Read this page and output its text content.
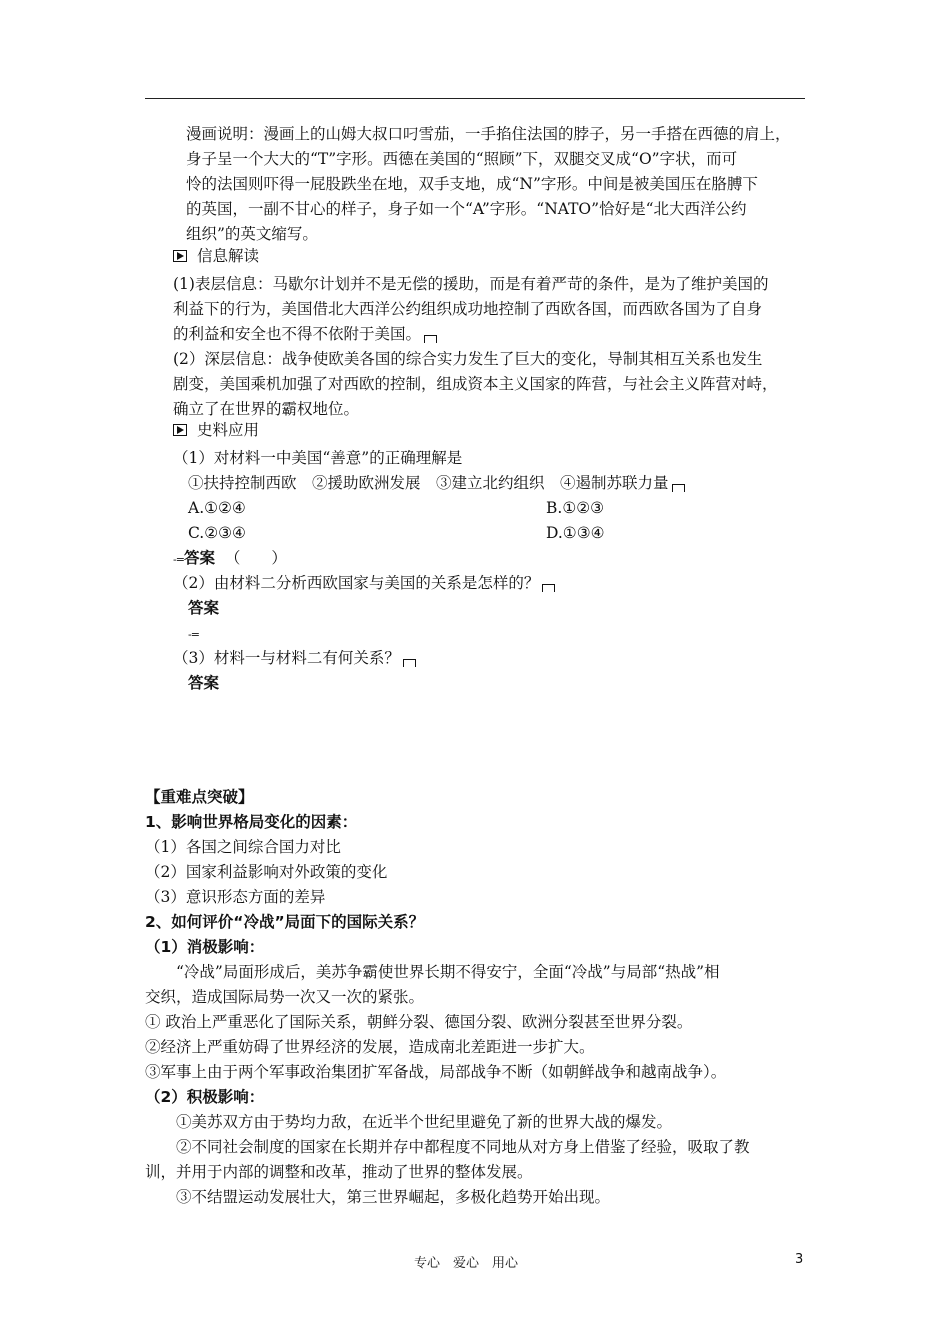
漫画说明：漫画上的山姆大叔口叼雪茄，一手掐住法国的脖子，另一手搭在西德的肩上，
身子呈一个大大的“T”字形。西德在美国的“照顾”下，双腿交叉成“O”字状，而可
怜的法国则吓得一屁股跌坐在地，双手支地，成“N”字形。中间是被美国压在胳膊下
的英国，一副不甘心的样子，身子如一个“A”字形。“NATO”恰好是“北大西洋公约
组织”的英文缩写。
信息解读
(1)表层信息：马歇尔计划并不是无偿的援助，而是有着严苛的条件，是为了维护美国的
利益下的行为，美国借北大西洋公约组织成功地控制了西欧各国，而西欧各国为了自身
的利益和安全也不得不依附于美国。
(2）深层信息：战争使欧美各国的综合实力发生了巨大的变化，导制其相互关系也发生
剧变，美国乘机加强了对西欧的控制，组成资本主义国家的阵营，与社会主义阵营对峙，
确立了在世界的霸权地位。
史料应用
（1）对材料一中美国“善意”的正确理解是
①扶持控制西欧　②援助欧洲发展　③建立北约组织　④遏制苏联力量
A.①②④	B.①②③
C.②③④	D.①③④
-=答案 （　　）
（2）由材料二分析西欧国家与美国的关系是怎样的？
答案
-=
（3）材料一与材料二有何关系？
答案
【重难点突破】
1、影响世界格局变化的因素：
（1）各国之间综合国力对比
（2）国家利益影响对外政策的变化
（3）意识形态方面的差异
2、如何评价“冷战”局面下的国际关系？
（1）消极影响：
“冷战”局面形成后，美苏争霸使世界长期不得安宁，全面“冷战”与局部“热战”相
交织，造成国际局势一次又一次的紧张。
① 政治上严重恶化了国际关系，朝鲜分裂、德国分裂、欧洲分裂甚至世界分裂。
②经济上严重妨碍了世界经济的发展，造成南北差距进一步扩大。
③军事上由于两个军事政治集团扩军备战，局部战争不断（如朝鲜战争和越南战争）。
（2）积极影响：
①美苏双方由于势均力敌，在近半个世纪里避免了新的世界大战的爆发。
②不同社会制度的国家在长期并存中都程度不同地从对方身上借鉴了经验，吸取了教
训，并用于内部的调整和改革，推动了世界的整体发展。
③不结盟运动发展壮大，第三世界崛起，多极化趋势开始出现。
专心　爱心　用心	3
